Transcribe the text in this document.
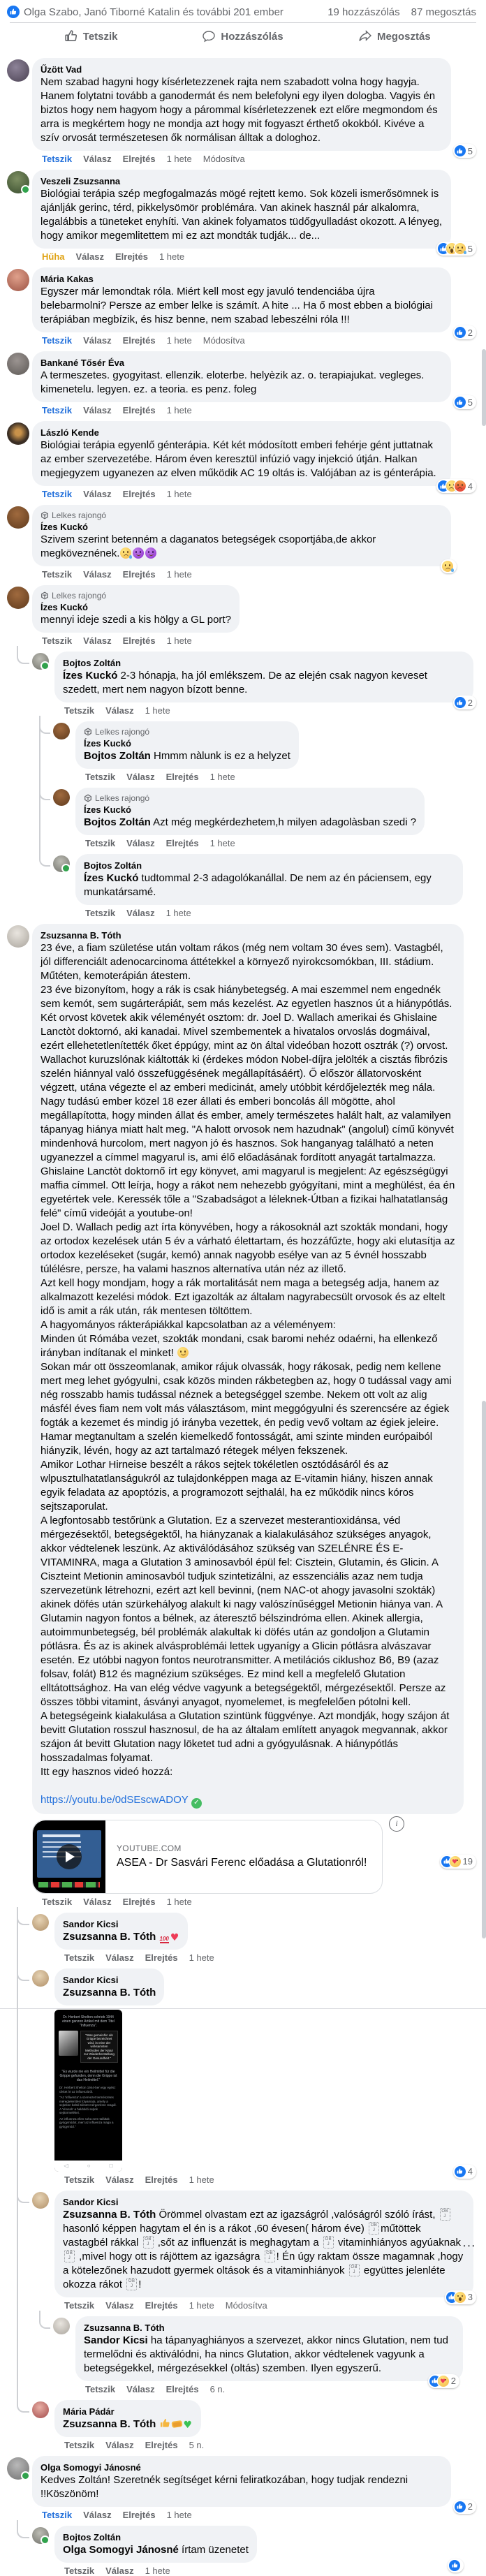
Olga Szabo, Janó Tiborné Katalin és további 201 ember	19 hozzászólás 87 megosztás
Tetszik	Hozzászólás	Megosztás
Űzött Vad
Nem szabad hagyni hogy kísérletezzenek rajta nem szabadott volna hogy hagyja. Hanem folytatni tovább a ganodermát és nem belefolyni egy ilyen dologba. Vagyis én biztos hogy nem hagyom hogy a párommal kísérletezzenek ezt előre megmondom és arra is megkértem hogy ne mondja azt hogy mit fogyaszt érthető okokból. Kivéve a szív orvosát természetesen ők normálisan álltak a dologhoz.
5
Tetszik Válasz Elrejtés 1 hete Módosítva
Veszeli Zsuzsanna
Biológiai terápia szép megfogalmazás mögé rejtett kemo. Sok közeli ismerősömnek is ajánlják gerinc, térd, pikkelysömör problémára. Van akinek használ pár alkalomra, legalábbis a tüneteket enyhíti. Van akinek folyamatos tüdőgyulladást okozott. A lényeg, hogy amikor megemlitettem mi ez azt mondták tudják... de...
5
Hűha Válasz Elrejtés 1 hete
Mária Kakas
Egyszer már lemondtak róla. Miért kell most egy javuló tendenciába újra belebarmolni? Persze az ember lelke is számít. A hite ... Ha ő most ebben a biológiai terápiában megbízik, és hisz benne, nem szabad lebeszélni róla !!!
2
Tetszik Válasz Elrejtés 1 hete Módosítva
Bankané Tősér Éva
A termeszetes. gyogyitast. ellenzik. eloterbe. helyèzik az. o. terapiajukat. vegleges. kimenetelu. legyen. ez. a teoria. es penz. foleg
5
Tetszik Válasz Elrejtés 1 hete
László Kende
Biológiai terápia egyenlő génterápia. Két két módosított emberi fehérje gént juttatnak az ember szervezetébe. Három éven keresztül infúzió vagy injekció útján. Halkan megjegyzem ugyanezen az elven működik AC 19 oltás is. Valójában az is génterápia.
4
Tetszik Válasz Elrejtés 1 hete
Lelkes rajongó
Ízes Kuckó
Szivem szerint betenném a daganatos betegségek csoportjába,de akkor megköveznének.
Tetszik Válasz Elrejtés 1 hete
Lelkes rajongó
Ízes Kuckó
mennyi ideje szedi a kis hölgy a GL port?
Tetszik Válasz Elrejtés 1 hete
Bojtos Zoltán
Ízes Kuckó 2-3 hónapja, ha jól emlékszem. De az elején csak nagyon keveset szedett, mert nem nagyon bízott benne.
2
Tetszik Válasz 1 hete
Lelkes rajongó
Ízes Kuckó
Bojtos Zoltán Hmmm nàlunk is ez a helyzet
Tetszik Válasz Elrejtés 1 hete
Lelkes rajongó
Ízes Kuckó
Bojtos Zoltán Azt még megkérdezhetem,h milyen adagolàsban szedi ?
Tetszik Válasz Elrejtés 1 hete
Bojtos Zoltán
Ízes Kuckó tudtommal 2-3 adagolókanállal. De nem az én páciensem, egy munkatársamé.
Tetszik Válasz 1 hete
Zsuzsanna B. Tóth
23 éve, a fiam születése után voltam rákos (még nem voltam 30 éves sem). Vastagbél, jól differenciált adenocarcinoma áttétekkel a környező nyirokcsomókban, III. stádium. Műtéten, kemoterápián átestem.
23 éve bizonyítom, hogy a rák is csak hiánybetegség. A mai eszemmel nem engednék sem kemót, sem sugárterápiát, sem más kezelést. Az egyetlen hasznos út a hiánypótlás. Két orvost követek akik véleményét osztom: dr. Joel D. Wallach amerikai és Ghislaine Lanctòt doktornó, aki kanadai. Mivel szembementek a hivatalos orvoslás dogmáival, ezért ellehetetlenítették őket éppúgy, mint az ön által videóban hozott osztrák (?) orvost. Wallachot kuruzslónak kiáltották ki (érdekes módon Nobel-díjra jelölték a cisztás fibrózis szelén hiánnyal való összefüggésének megállapításáért). Ő először állatorvosként végzett, utána végezte el az emberi medicinát, amely utóbbit kérdőjelezték meg nála. Nagy tudású ember közel 18 ezer állati és emberi boncolás áll mögötte, ahol megállapította, hogy minden állat és ember, amely természetes halált halt, az valamilyen tápanyag hiánya miatt halt meg. "A halott orvosok nem hazudnak" (angolul) című könyvét mindenhová hurcolom, mert nagyon jó és hasznos. Sok hanganyag található a neten ugyanezzel a címmel magyarul is, ami élő előadásának fordított anyagát tartalmazza.
Ghislaine Lanctòt doktornő írt egy könyvet, ami magyarul is megjelent: Az egészségügyi maffia címmel. Ott leírja, hogy a rákot nem nehezebb gyógyítani, mint a meghülést, éa én egyetértek vele. Keressék tőle a "Szabadságot a léleknek-Útban a fizikai halhatatlanság felé" című videóját a youtube-on!
Joel D. Wallach pedig azt írta könyvében, hogy a rákosoknál azt szokták mondani, hogy az ortodox kezelések után 5 év a várható élettartam, és hozzáfűzte, hogy aki elutasítja az ortodox kezeléseket (sugár, kemó) annak nagyobb esélye van az 5 évnél hosszabb túlélésre, persze, ha valami hasznos alternatíva után néz az illető.
Azt kell hogy mondjam, hogy a rák mortalitását nem maga a betegség adja, hanem az alkalmazott kezelési módok. Ezt igazolták az általam nagyrabecsült orvosok és az eltelt idő is amit a rák után, rák mentesen töltöttem.
A hagyományos rákterápiákkal kapcsolatban az a véleményem:
Minden út Rómába vezet, szokták mondani, csak baromi nehéz odaérni, ha ellenkező irányban indítanak el minket!
Sokan már ott összeomlanak, amikor rájuk olvassák, hogy rákosak, pedig nem kellene mert meg lehet gyógyulni, csak közös minden rákbetegben az, hogy 0 tudással vagy ami nég rosszabb hamis tudással néznek a betegséggel szembe. Nekem ott volt az alig másfél éves fiam nem volt más választásom, mint meggógyulni és szerencsére az égiek fogták a kezemet és mindig jó irányba vezettek, én pedig vevő voltam az égiek jeleire.
Hamar megtanultam a szelén kiemelkedő fontosságát, ami szinte minden európaiból hiányzik, lévén, hogy az azt tartalmazó rétegek mélyen fekszenek.
Amikor Lothar Hirneise beszélt a rákos sejtek tökéletlen osztódásáról és az wlpusztulhatatlanságukról az tulajdonképpen maga az E-vitamin hiány, hiszen annak egyik feladata az apoptózis, a programozott sejthalál, ha ez működik nincs kóros sejtszaporulat.
A legfontosabb testőrünk a Glutation. Ez a szervezet mesterantioxidánsa, véd mérgezésektől, betegségektől, ha hiányzanak a kialakulásához szükséges anyagok, akkor védtelenek leszünk. Az aktiválódásához szükség van SZELÉNRE ÉS E-VITAMINRA, maga a Glutation 3 aminosavból épül fel: Cisztein, Glutamin, és Glicin. A Ciszteint Metionin aminosavból tudjuk szintetizálni, az esszenciális azaz nem tudja szervezetünk létrehozni, ezért azt kell bevinni, (nem NAC-ot ahogy javasolni szokták) akinek döfés után szürkehályog alakult ki nagy valószínűséggel Metionin hiánya van. A Glutamin nagyon fontos a bélnek, az áteresztő bélszindróma ellen. Akinek allergia, autoimmunbetegség, bél problémák alakultak ki döfés után az gondoljon a Glutamin pótlásra. És az is akinek alvásproblémái lettek ugyanígy a Glicin pótlásra alvászavar esetén. Ez utóbbi nagyon fontos neurotransmitter. A metilációs ciklushoz B6, B9 (azaz folsav, folát) B12 és magnézium szükséges. Ez mind kell a megfelelő Glutation elltátottsághoz. Ha van elég védve vagyunk a betegségektől, mérgezésektől. Persze az összes többi vitamint, ásványi anyagot, nyomelemet, is megfelelően pótolni kell.
A betegségeink kialakulása a Glutation szintünk függvénye. Azt mondják, hogy szájon át bevitt Glutation rosszul hasznosul, de ha az általam említett anyagok megvannak, akkor szájon át bevitt Glutation nagy löketet tud adni a gyógyulásnak. A hiánypótlás hosszadalmas folyamat.
Itt egy hasznos videó hozzá:
https://youtu.be/0dSEscwADOY✓
YOUTUBE.COM
ASEA - Dr Sasvári Ferenc előadása a Glutationról!
i	♥ 19
Tetszik Válasz Elrejtés 1 hete
Sandor Kicsi
Zsuzsanna B. Tóth 100♥
Tetszik Válasz Elrejtés 1 hete
Sandor Kicsi
Zsuzsanna B. Tóth
Dr. Herbert Shelton schrieb 1944 einen ganzen Artikel mit dem Titel "Influenza".
"Was gemeinhin als Grippe bezeichnet wird, ist eine der wirksamsten Methoden der Natur zur Wiederherstellung der Gesundheit."
"Es wurde nie ein Heilmittel für die Grippe gefunden, denn die Grippe ist das Heilmittel."
Dr. Herbert Shelton 1944-ben egy egész cikket írt az influenzáról.
"Az 'influenza' a szervezet természetes méregtelenítési folyamata, amely a sejteken belüli túlzott mérgezésre reagál. A 'vírusok' a haldokló sejtek sejttörmelékei.
Az influenza ellen soha nem találtak gyógymódot, mert az influenza maga a gyógymód."
◁	○	□
4
Tetszik Válasz Elrejtés 1 hete
Sandor Kicsi
Zsuzsanna B. Tóth Örömmel olvastam ezt az igazságról ,valóságról szóló írást, OBJ hasonló képpen hagytam el én is a rákot ,60 évesen( három éve) OBJ műtöttek vastagbél rákkal OBJ ,sőt az influenzát is meghagytam a OBJ vitaminhiányos agyúaknak OBJ ,mivel hogy ott is rájöttem az igazságra OBJ ! Én úgy raktam össze magamnak ,hogy a kötelezőnek hazudott gyermek oltások és a vitaminhiányok OBJ együttes jelenléte okozza rákot OBJ !
⋯
3
Tetszik Válasz Elrejtés 1 hete Módosítva
Zsuzsanna B. Tóth
Sandor Kicsi ha tápanyaghiányos a szervezet, akkor nincs Glutation, nem tud termelődni és aktiválódni, ha nincs Glutation, akkor védtelenek vagyunk a betegségekkel, mérgezésekkel (oltás) szemben. Ilyen egyszerű.
♥ 2
Tetszik Válasz Elrejtés 6 n.
Mária Pádár
Zsuzsanna B. Tóth
♥
Tetszik Válasz Elrejtés 5 n.
Olga Somogyi Jánosné
Kedves Zoltán! Szeretnék segítséget kérni feliratkozában, hogy tudjak rendezni !!Köszönöm!
2
Tetszik Válasz Elrejtés 1 hete
Bojtos Zoltán
Olga Somogyi Jánosné írtam üzenetet
Tetszik Válasz 1 hete
